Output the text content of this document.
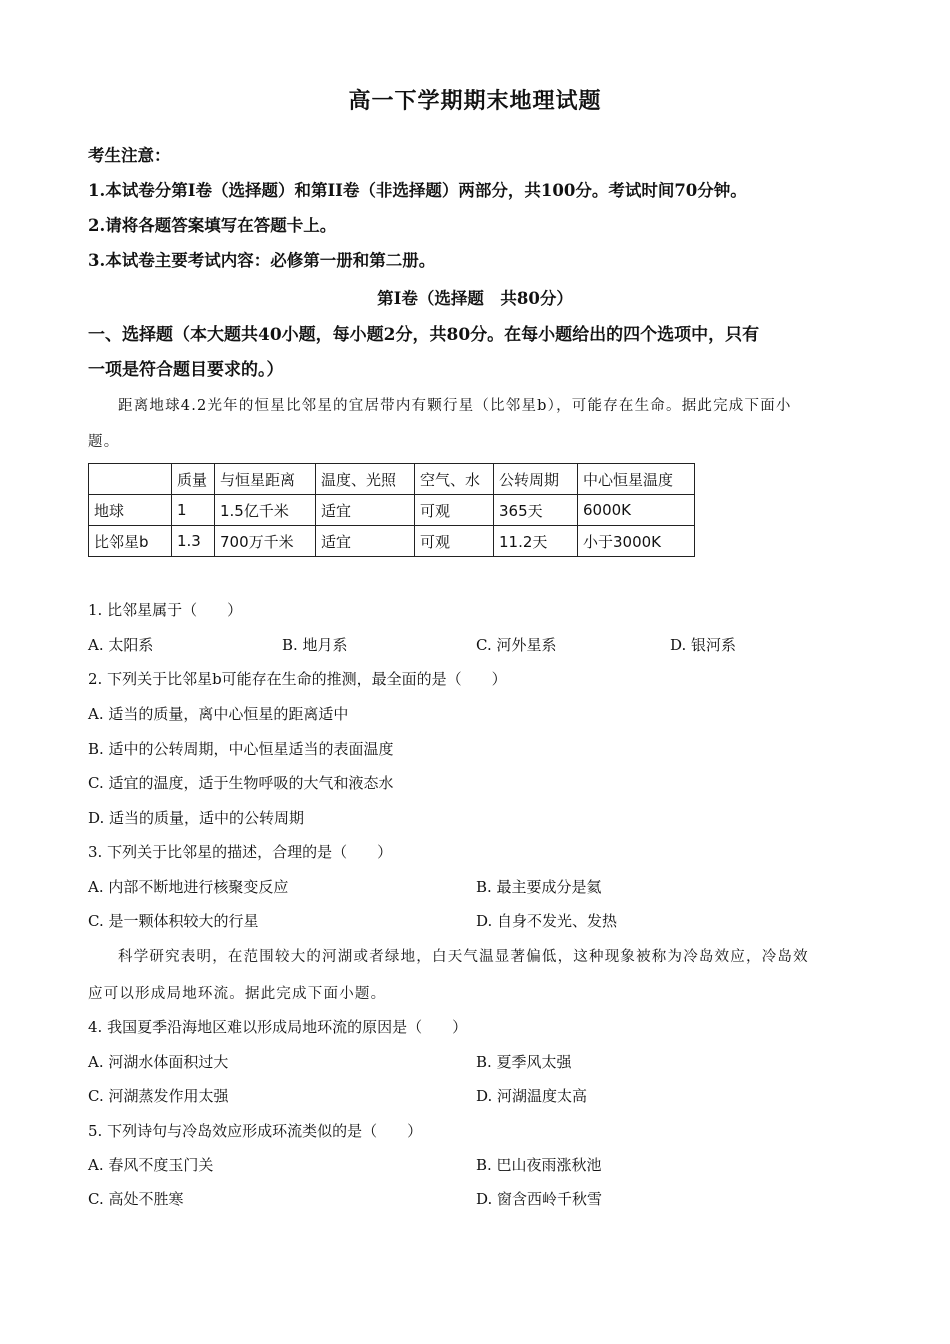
高一下学期期末地理试题
考生注意：
1.本试卷分第Ⅰ卷（选择题）和第II卷（非选择题）两部分，共100分。考试时间70分钟。
2.请将各题答案填写在答题卡上。
3.本试卷主要考试内容：必修第一册和第二册。
第Ⅰ卷（选择题　共80分）
一、选择题（本大题共40小题，每小题2分，共80分。在每小题给出的四个选项中，只有
一项是符合题目要求的。）
距离地球4.2光年的恒星比邻星的宜居带内有颗行星（比邻星b），可能存在生命。据此完成下面小
题。
	质量	与恒星距离	温度、光照	空气、水	公转周期	中心恒星温度
地球	1	1.5亿千米	适宜	可观	365天	6000K
比邻星b	1.3	700万千米	适宜	可观	11.2天	小于3000K
1. 比邻星属于（　　）
A. 太阳系	B. 地月系	C. 河外星系	D. 银河系
2. 下列关于比邻星b可能存在生命的推测，最全面的是（　　）
A. 适当的质量，离中心恒星的距离适中
B. 适中的公转周期，中心恒星适当的表面温度
C. 适宜的温度，适于生物呼吸的大气和液态水
D. 适当的质量，适中的公转周期
3. 下列关于比邻星的描述，合理的是（　　）
A. 内部不断地进行核聚变反应	B. 最主要成分是氦
C. 是一颗体积较大的行星	D. 自身不发光、发热
科学研究表明，在范围较大的河湖或者绿地，白天气温显著偏低，这种现象被称为冷岛效应，冷岛效
应可以形成局地环流。据此完成下面小题。
4. 我国夏季沿海地区难以形成局地环流的原因是（　　）
A. 河湖水体面积过大	B. 夏季风太强
C. 河湖蒸发作用太强	D. 河湖温度太高
5. 下列诗句与冷岛效应形成环流类似的是（　　）
A. 春风不度玉门关	B. 巴山夜雨涨秋池
C. 高处不胜寒	D. 窗含西岭千秋雪
